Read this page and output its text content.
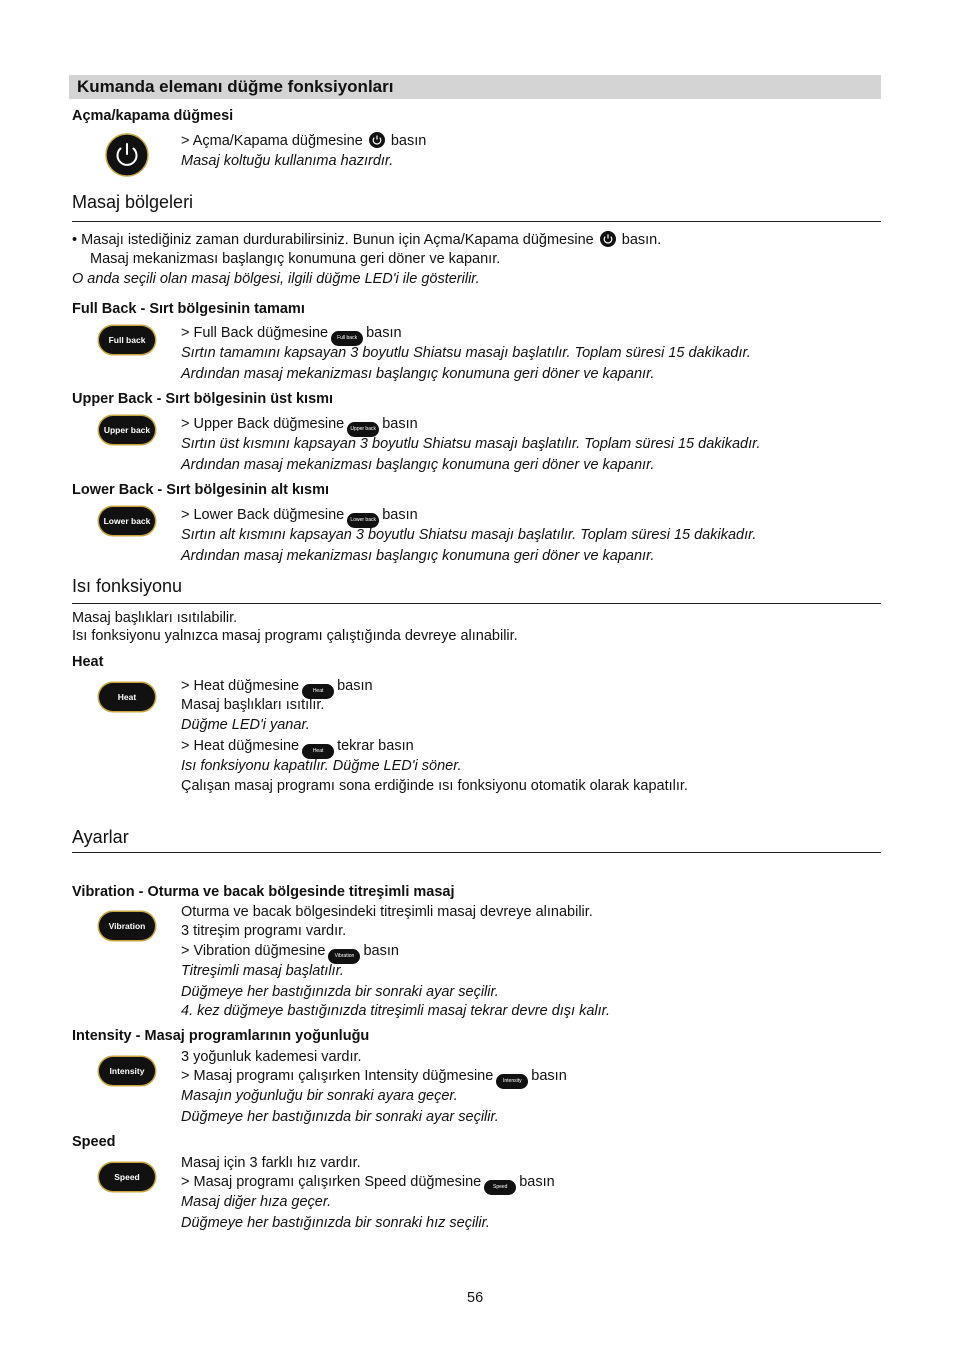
Kumanda elemanı düğme fonksiyonları
Açma/kapama düğmesi
> Açma/Kapama düğmesine basın
Masaj koltuğu kullanıma hazırdır.
Masaj bölgeleri
• Masajı istediğiniz zaman durdurabilirsiniz. Bunun için Açma/Kapama düğmesine basın.
Masaj mekanizması başlangıç konumuna geri döner ve kapanır.
O anda seçili olan masaj bölgesi, ilgili düğme LED'i ile gösterilir.
Full Back - Sırt bölgesinin tamamı
Full back > Full Back düğmesine Full back basın
Sırtın tamamını kapsayan 3 boyutlu Shiatsu masajı başlatılır. Toplam süresi 15 dakikadır.
Ardından masaj mekanizması başlangıç konumuna geri döner ve kapanır.
Upper Back - Sırt bölgesinin üst kısmı
Upper back > Upper Back düğmesine Upper back basın
Sırtın üst kısmını kapsayan 3 boyutlu Shiatsu masajı başlatılır. Toplam süresi 15 dakikadır.
Ardından masaj mekanizması başlangıç konumuna geri döner ve kapanır.
Lower Back - Sırt bölgesinin alt kısmı
Lower back > Lower Back düğmesine Lower back basın
Sırtın alt kısmını kapsayan 3 boyutlu Shiatsu masajı başlatılır. Toplam süresi 15 dakikadır.
Ardından masaj mekanizması başlangıç konumuna geri döner ve kapanır.
Isı fonksiyonu
Masaj başlıkları ısıtılabilir.
Isı fonksiyonu yalnızca masaj programı çalıştığında devreye alınabilir.
Heat
Heat
> Heat düğmesine	Heat basın
Masaj başlıkları ısıtılır.
Düğme LED'i yanar.
> Heat düğmesine	Heat tekrar basın
Isı fonksiyonu kapatılır. Düğme LED'i söner.
Çalışan masaj programı sona erdiğinde ısı fonksiyonu otomatik olarak kapatılır.
Ayarlar
Vibration - Oturma ve bacak bölgesinde titreşimli masaj
Vibration
Oturma ve bacak bölgesindeki titreşimli masaj devreye alınabilir.
3 titreşim programı vardır.
> Vibration düğmesine Vibration basın
Titreşimli masaj başlatılır.
Düğmeye her bastığınızda bir sonraki ayar seçilir.
4. kez düğmeye bastığınızda titreşimli masaj tekrar devre dışı kalır.
Intensity - Masaj programlarının yoğunluğu
Intensity
3 yoğunluk kademesi vardır.
> Masaj programı çalışırken Intensity düğmesine Intensity basın
Masajın yoğunluğu bir sonraki ayara geçer.
Düğmeye her bastığınızda bir sonraki ayar seçilir.
Speed
Speed
Masaj için 3 farklı hız vardır.
> Masaj programı çalışırken Speed düğmesine Speed basın
Masaj diğer hıza geçer.
Düğmeye her bastığınızda bir sonraki hız seçilir.
56
